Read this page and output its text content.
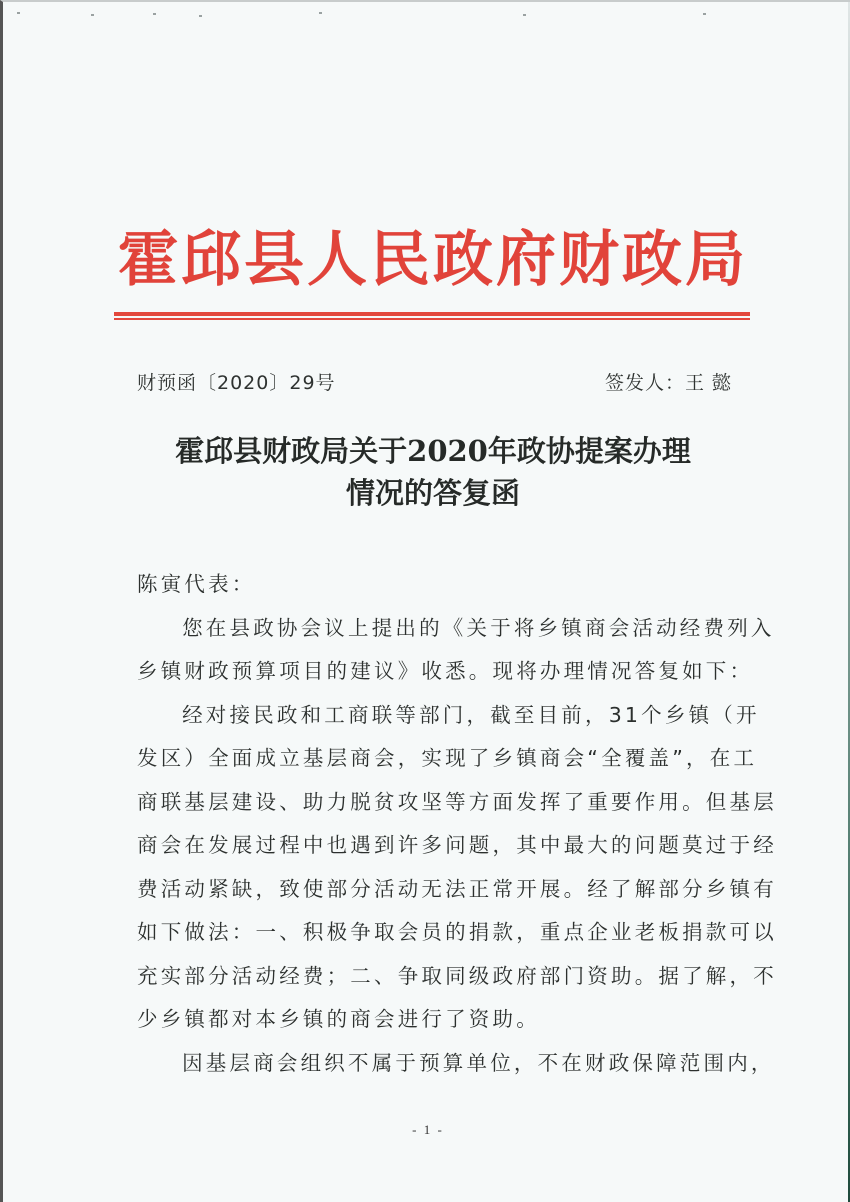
霍邱县人民政府财政局
财预函〔2020〕29号	签发人：王 懿
霍邱县财政局关于2020年政协提案办理
情况的答复函

陈寅代表：

您在县政协会议上提出的《关于将乡镇商会活动经费列入
乡镇财政预算项目的建议》收悉。现将办理情况答复如下：

经对接民政和工商联等部门，截至目前，31个乡镇（开
发区）全面成立基层商会，实现了乡镇商会“全覆盖”，在工
商联基层建设、助力脱贫攻坚等方面发挥了重要作用。但基层
商会在发展过程中也遇到许多问题，其中最大的问题莫过于经
费活动紧缺，致使部分活动无法正常开展。经了解部分乡镇有
如下做法：一、积极争取会员的捐款，重点企业老板捐款可以
充实部分活动经费；二、争取同级政府部门资助。据了解，不
少乡镇都对本乡镇的商会进行了资助。

因基层商会组织不属于预算单位，不在财政保障范围内，

- 1 -
